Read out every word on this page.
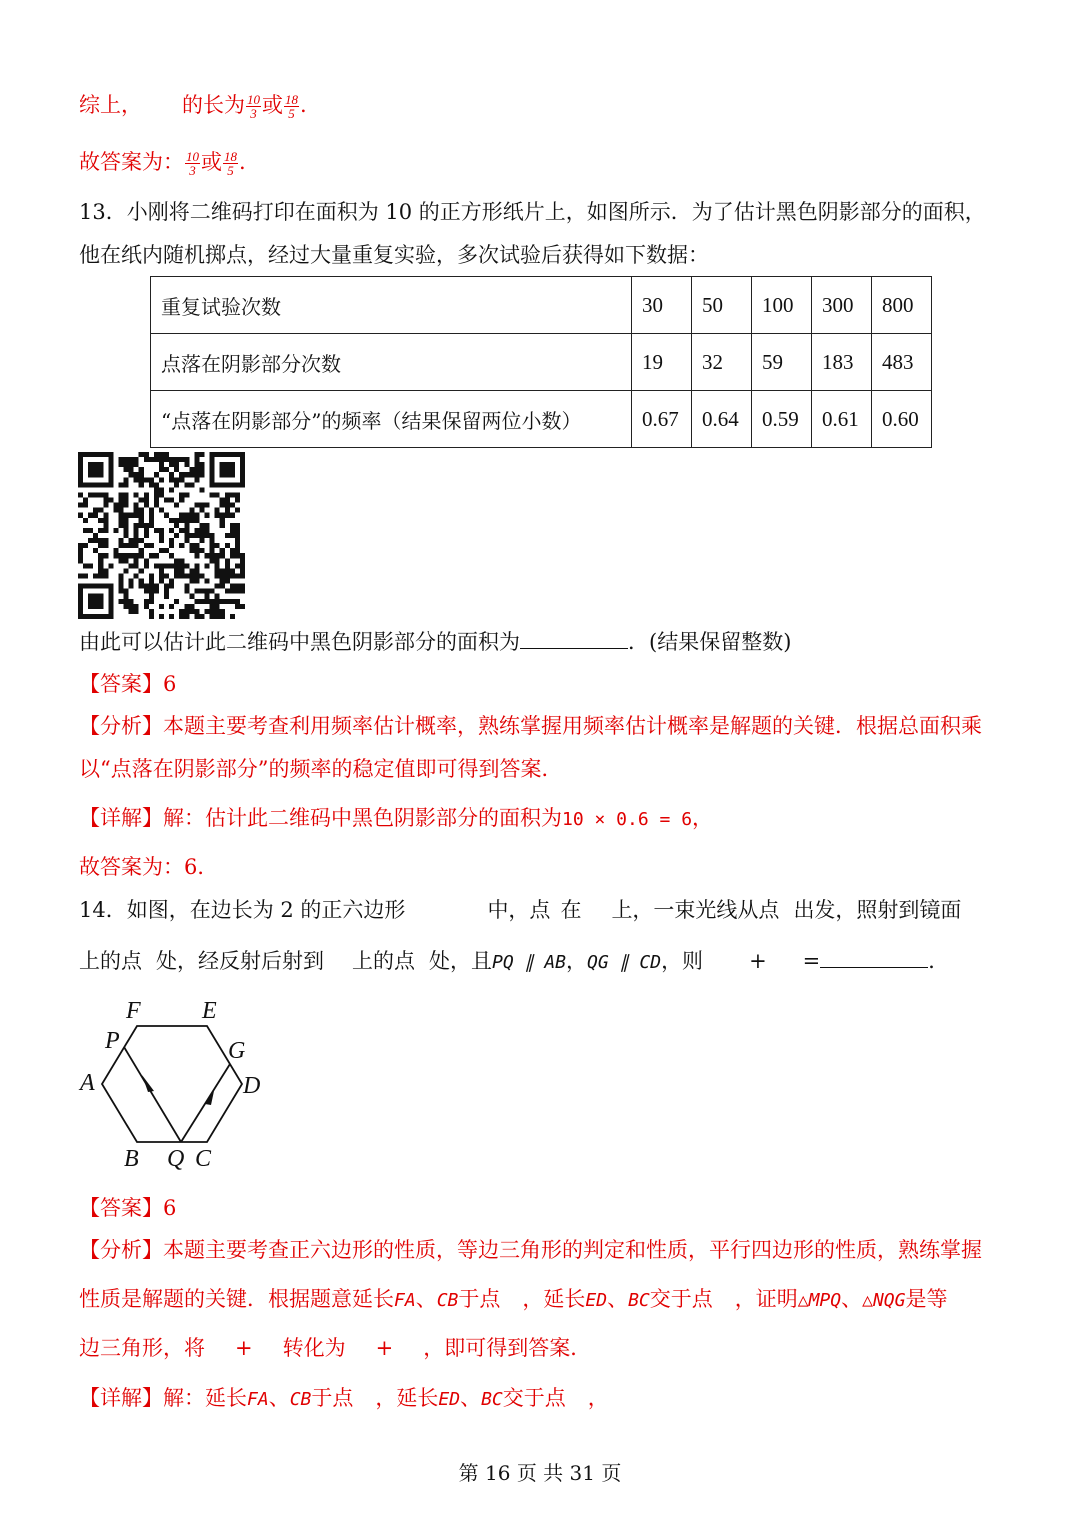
综上， 的长为 $\frac{10}{3}$ 或 $\frac{18}{5}$ .
故答案为： $\frac{10}{3}$ 或 $\frac{18}{5}$ .
13．小刚将二维码打印在面积为 10 的正方形纸片上，如图所示．为了估计黑色阴影部分的面积，
他在纸内随机掷点，经过大量重复实验，多次试验后获得如下数据：
重复试验次数	30	50	100	300	800
点落在阴影部分次数	19	32	59	183	483
“点落在阴影部分”的频率（结果保留两位小数）	0.67	0.64	0.59	0.61	0.60
由此可以估计此二维码中黑色阴影部分的面积为	．(结果保留整数)
【答案】6
【分析】本题主要考查利用频率估计概率，熟练掌握用频率估计概率是解题的关键．根据总面积乘
以“点落在阴影部分”的频率的稳定值即可得到答案．
【详解】解：估计此二维码中黑色阴影部分的面积为10 × 0.6 = 6，
故答案为：6．
14．如图，在边长为 2 的正六边形	中，点 在 上，一束光线从点 出发，照射到镜面
上的点 处，经反射后射到 上的点 处，且PQ ∥ AB，QG ∥ CD，则 + =	．
F	E
P	G
A	D
B Q C
【答案】6
【分析】本题主要考查正六边形的性质，等边三角形的判定和性质，平行四边形的性质，熟练掌握
性质是解题的关键．根据题意延长FA、CB于点 ，延长ED、BC交于点 ，证明△MPQ、△NQG是等
边三角形，将 + 转化为 + ，即可得到答案．
【详解】解：延长FA、CB于点 ，延长ED、BC交于点 ，
第 16 页 共 31 页
